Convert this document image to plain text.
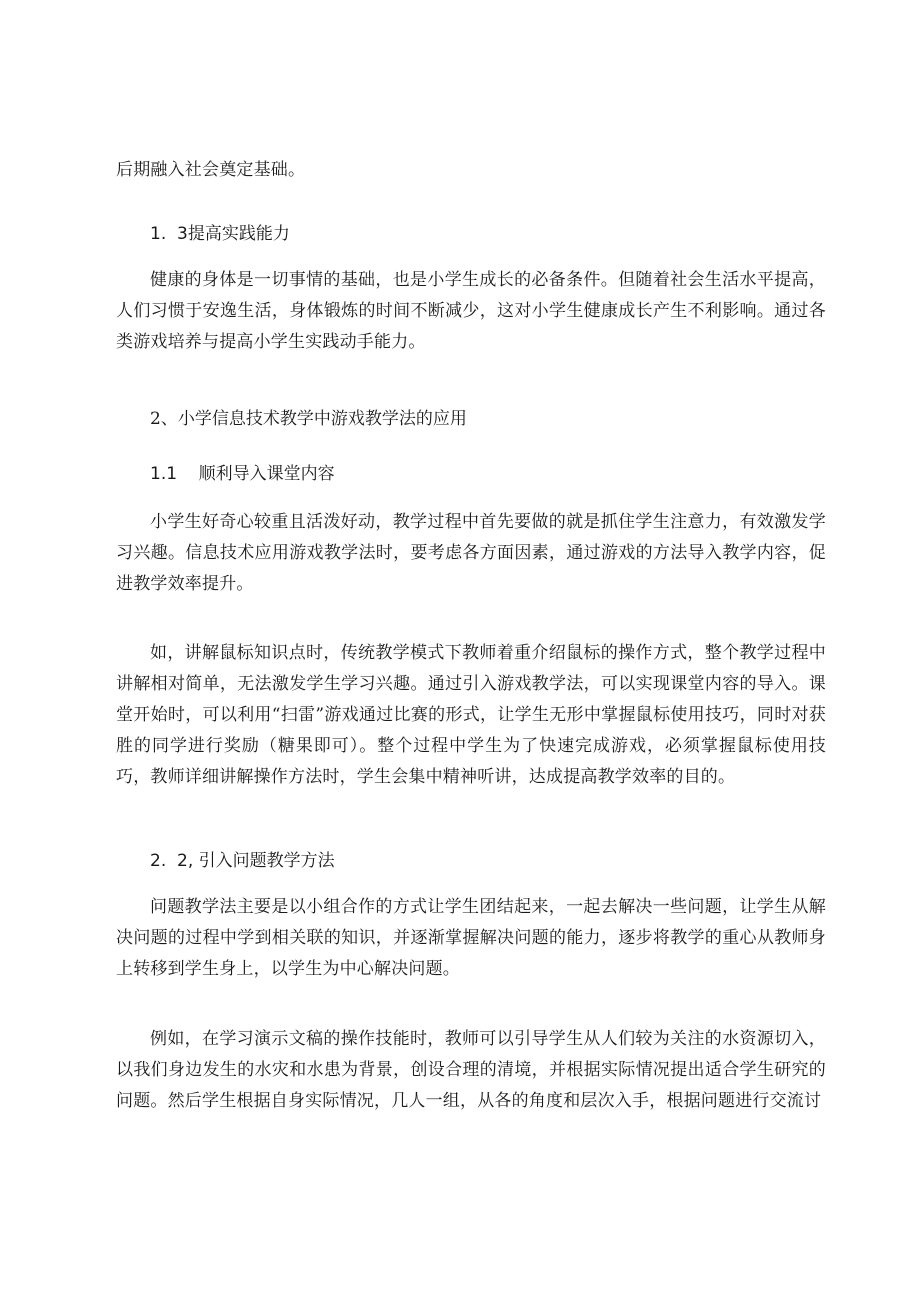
后期融入社会奠定基础。

1.  3提高实践能力

健康的身体是一切事情的基础，也是小学生成长的必备条件。但随着社会生活水平提高，人们习惯于安逸生活，身体锻炼的时间不断减少，这对小学生健康成长产生不利影响。通过各类游戏培养与提高小学生实践动手能力。

2、小学信息技术教学中游戏教学法的应用

1.1    顺利导入课堂内容

小学生好奇心较重且活泼好动，教学过程中首先要做的就是抓住学生注意力，有效激发学习兴趣。信息技术应用游戏教学法时，要考虑各方面因素，通过游戏的方法导入教学内容，促进教学效率提升。

如，讲解鼠标知识点时，传统教学模式下教师着重介绍鼠标的操作方式，整个教学过程中讲解相对简单，无法激发学生学习兴趣。通过引入游戏教学法，可以实现课堂内容的导入。课堂开始时，可以利用“扫雷”游戏通过比赛的形式，让学生无形中掌握鼠标使用技巧，同时对获胜的同学进行奖励（糖果即可）。整个过程中学生为了快速完成游戏，必须掌握鼠标使用技巧，教师详细讲解操作方法时，学生会集中精神听讲，达成提高教学效率的目的。

2.  2, 引入问题教学方法

问题教学法主要是以小组合作的方式让学生团结起来，一起去解决一些问题，让学生从解决问题的过程中学到相关联的知识，并逐渐掌握解决问题的能力，逐步将教学的重心从教师身上转移到学生身上，以学生为中心解决问题。

例如，在学习演示文稿的操作技能时，教师可以引导学生从人们较为关注的水资源切入，以我们身边发生的水灾和水患为背景，创设合理的清境，并根据实际情况提出适合学生研究的问题。然后学生根据自身实际情况，几人一组，从各的角度和层次入手，根据问题进行交流讨
